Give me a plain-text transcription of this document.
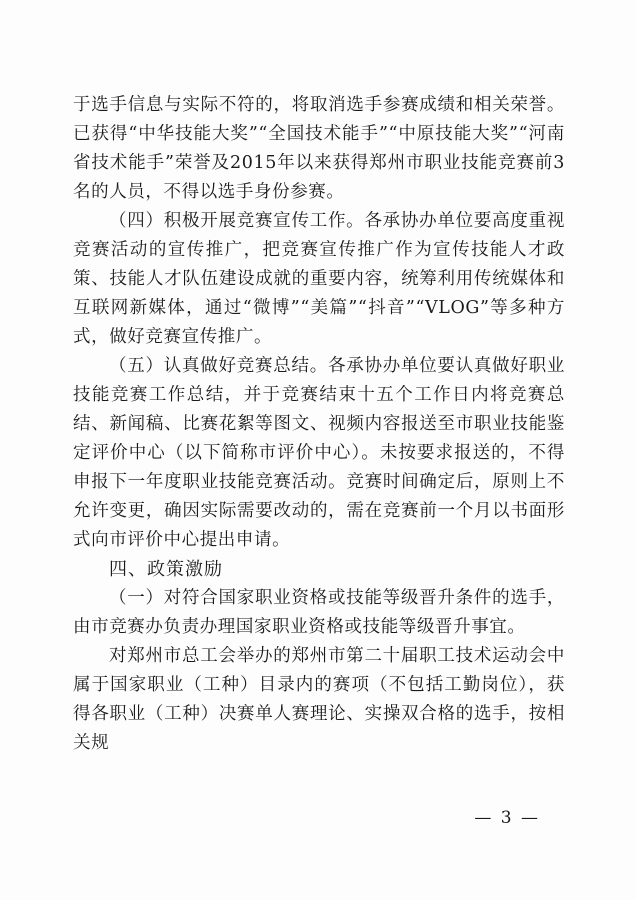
于选手信息与实际不符的，将取消选手参赛成绩和相关荣誉。已获得“中华技能大奖”“全国技术能手”“中原技能大奖”“河南省技术能手”荣誉及2015年以来获得郑州市职业技能竞赛前3名的人员，不得以选手身份参赛。

（四）积极开展竞赛宣传工作。各承协办单位要高度重视竞赛活动的宣传推广，把竞赛宣传推广作为宣传技能人才政策、技能人才队伍建设成就的重要内容，统筹利用传统媒体和互联网新媒体，通过“微博”“美篇”“抖音”“VLOG”等多种方式，做好竞赛宣传推广。

（五）认真做好竞赛总结。各承协办单位要认真做好职业技能竞赛工作总结，并于竞赛结束十五个工作日内将竞赛总结、新闻稿、比赛花絮等图文、视频内容报送至市职业技能鉴定评价中心（以下简称市评价中心）。未按要求报送的，不得申报下一年度职业技能竞赛活动。竞赛时间确定后，原则上不允许变更，确因实际需要改动的，需在竞赛前一个月以书面形式向市评价中心提出申请。

四、政策激励

（一）对符合国家职业资格或技能等级晋升条件的选手，由市竞赛办负责办理国家职业资格或技能等级晋升事宜。

对郑州市总工会举办的郑州市第二十届职工技术运动会中属于国家职业（工种）目录内的赛项（不包括工勤岗位），获得各职业（工种）决赛单人赛理论、实操双合格的选手，按相关规

— 3 —
